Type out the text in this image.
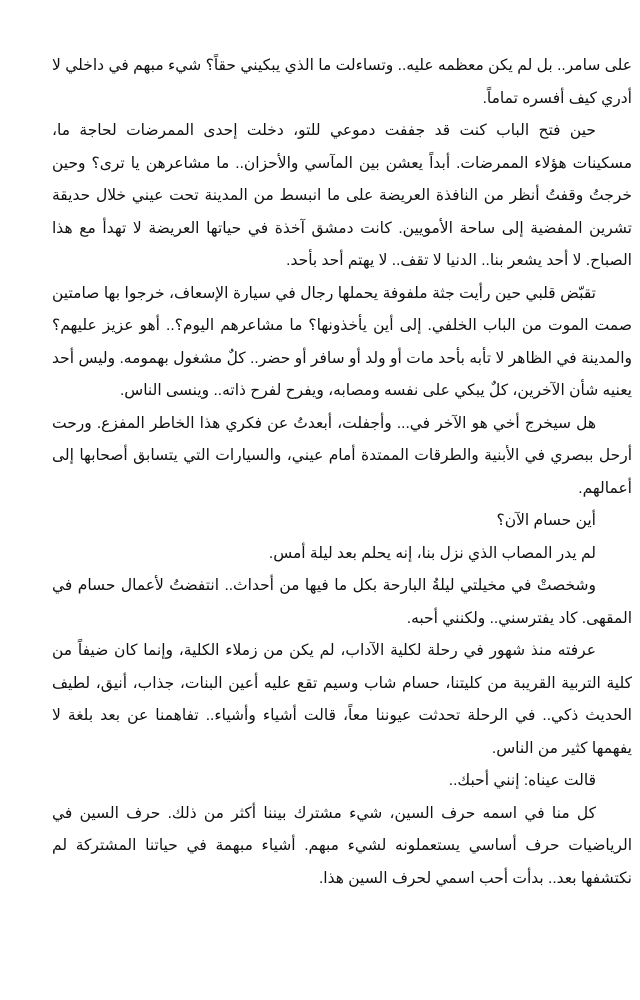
على سامر.. بل لم يكن معظمه عليه.. وتساءلت ما الذي يبكيني حقاً؟ شيء مبهم في داخلي لا أدري كيف أفسره تماماً.

حين فتح الباب كنت قد جففت دموعي للتو، دخلت إحدى الممرضات لحاجة ما، مسكينات هؤلاء الممرضات. أبداً يعشن بين المآسي والأحزان.. ما مشاعرهن يا ترى؟ وحين خرجتُ وقفتُ أنظر من النافذة العريضة على ما انبسط من المدينة تحت عيني خلال حديقة تشرين المفضية إلى ساحة الأمويين. كانت دمشق آخذة في حياتها العريضة لا تهدأ مع هذا الصباح. لا أحد يشعر بنا.. الدنيا لا تقف.. لا يهتم أحد بأحد.

تقبّض قلبي حين رأيت جثة ملفوفة يحملها رجال في سيارة الإسعاف، خرجوا بها صامتين صمت الموت من الباب الخلفي. إلى أين يأخذونها؟ ما مشاعرهم اليوم؟.. أهو عزيز عليهم؟ والمدينة في الظاهر لا تأبه بأحد مات أو ولد أو سافر أو حضر.. كلٌ مشغول بهمومه. وليس أحد يعنيه شأن الآخرين، كلٌ يبكي على نفسه ومصابه، ويفرح لفرح ذاته.. وينسى الناس.

هل سيخرج أخي هو الآخر في... وأجفلت، أبعدتُ عن فكري هذا الخاطر المفزع. ورحت أرحل ببصري في الأبنية والطرقات الممتدة أمام عيني، والسيارات التي يتسابق أصحابها إلى أعمالهم.

أين حسام الآن؟

لم يدر المصاب الذي نزل بنا، إنه يحلم بعد ليلة أمس.

وشخصتْ في مخيلتي ليلةُ البارحة بكل ما فيها من أحداث.. انتفضتُ لأعمال حسام في المقهى. كاد يفترسني.. ولكنني أحبه.

عرفته منذ شهور في رحلة لكلية الآداب، لم يكن من زملاء الكلية، وإنما كان ضيفاً من كلية التربية القريبة من كليتنا، حسام شاب وسيم تقع عليه أعين البنات، جذاب، أنيق، لطيف الحديث ذكي.. في الرحلة تحدثت عيوننا معاً، قالت أشياء وأشياء.. تفاهمنا عن بعد بلغة لا يفهمها كثير من الناس.

قالت عيناه: إنني أحبك..

كل منا في اسمه حرف السين، شيء مشترك بيننا أكثر من ذلك. حرف السين في الرياضيات حرف أساسي يستعملونه لشيء مبهم. أشياء مبهمة في حياتنا المشتركة لم نكتشفها بعد.. بدأت أحب اسمي لحرف السين هذا.
